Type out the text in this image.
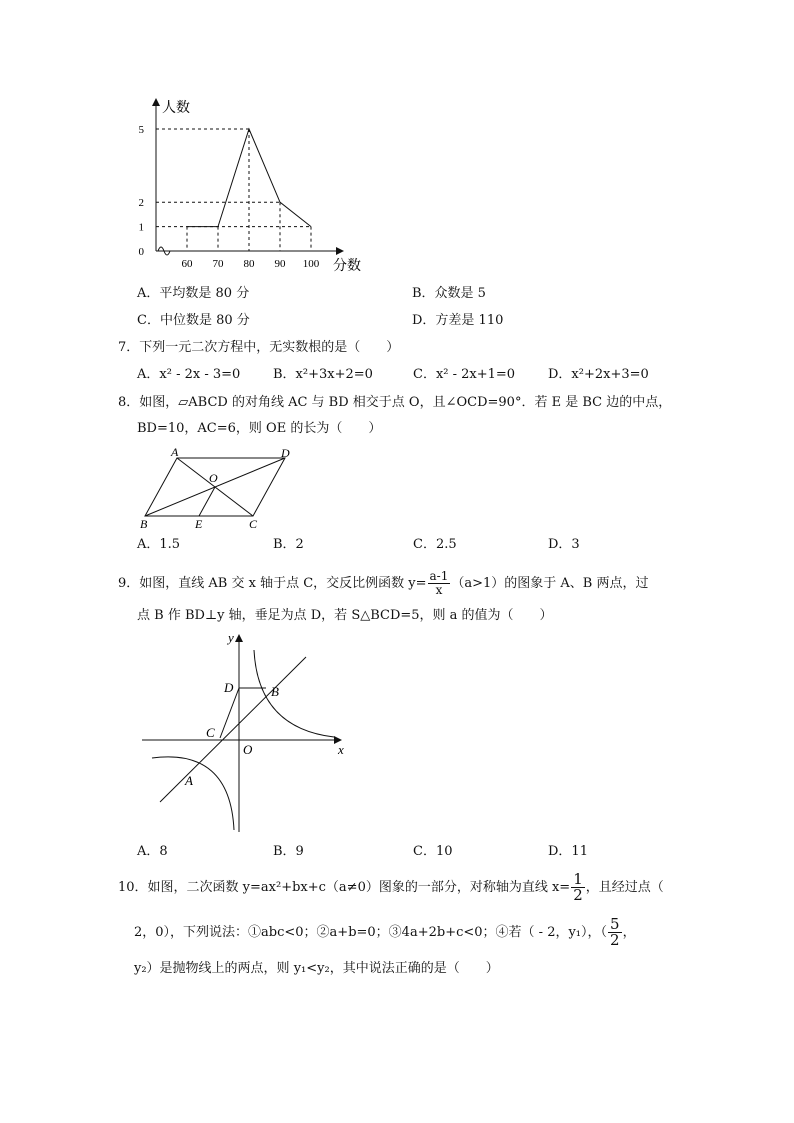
60 70 80 90 100
0
1
2
5
人数
分数
A．平均数是 80 分	B．众数是 5
C．中位数是 80 分	D．方差是 110
7．下列一元二次方程中，无实数根的是（　　）
A．x² - 2x - 3=0	B．x²+3x+2=0	C．x² - 2x+1=0	D．x²+2x+3=0
8．如图，▱ABCD 的对角线 AC 与 BD 相交于点 O，且∠OCD=90°．若 E 是 BC 边的中点，
BD=10，AC=6，则 OE 的长为（　　）
A	D
O
B	E	C
A．1.5	B．2	C．2.5	D．3
9．如图，直线 AB 交 x 轴于点 C，交反比例函数 $y= \frac{a-1}{x} (a>1)$的图象于 A、B 两点，过
点 B 作 BD⊥y 轴，垂足为点 D，若 S△BCD=5，则 a 的值为（　　）
y
x
D	B
C
O
A
A．8	B．9	C．10	D．11
10．如图，二次函数 y=ax²+bx+c（a≠0）图象的一部分，对称轴为直线 $x= \frac{1}{2}$ ，且经过点（
2，0），下列说法：①abc<0；②a+b=0；③4a+2b+c<0；④若（ - 2，y₁），（ $\frac{5}{2}$ ，
y₂）是抛物线上的两点，则 y₁<y₂，其中说法正确的是（　　）
